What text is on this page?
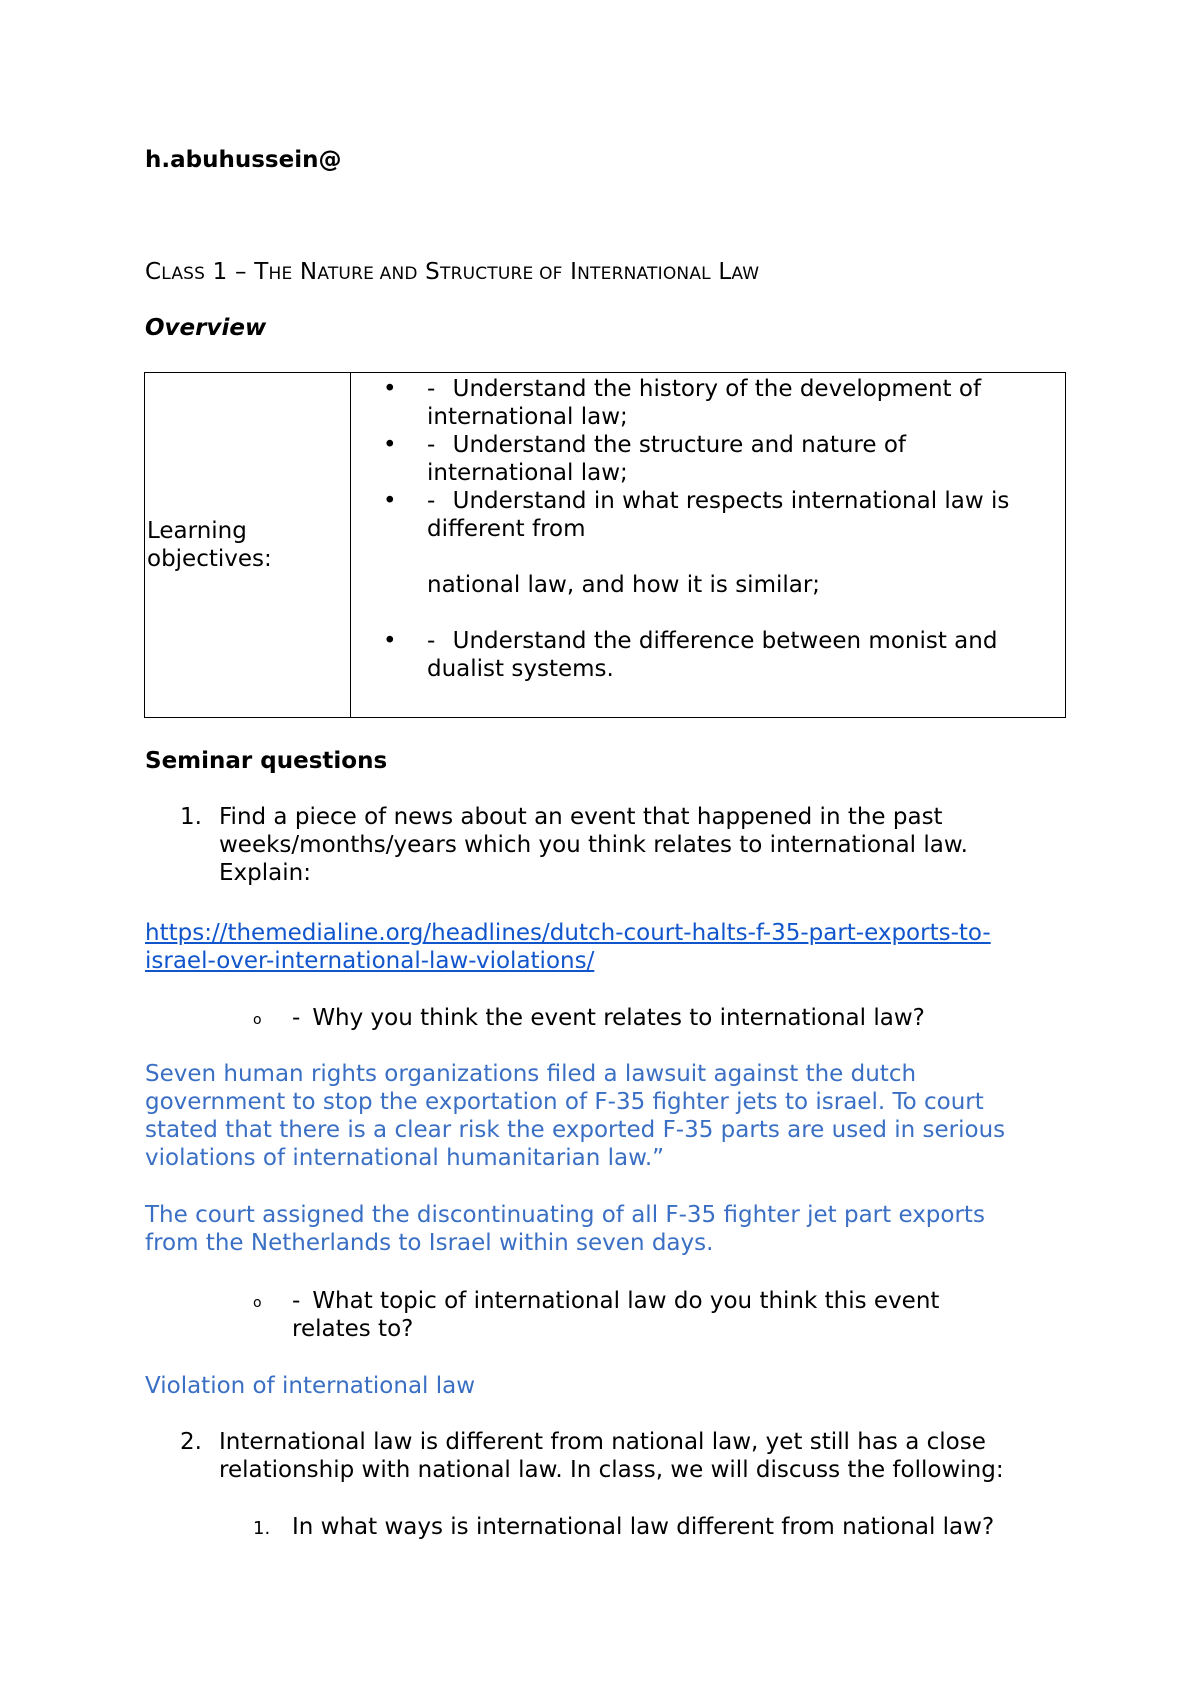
h.abuhussein@
CLASS 1 – THE NATURE AND STRUCTURE OF INTERNATIONAL LAW
Overview
Learning
objectives:

• - Understand the history of the development of
international law;
• - Understand the structure and nature of
international law;
• - Understand in what respects international law is
different from
national law, and how it is similar;
• - Understand the difference between monist and
dualist systems.
Seminar questions
1. Find a piece of news about an event that happened in the past
weeks/months/years which you think relates to international law.
Explain:
https://themedialine.org/headlines/dutch-court-halts-f-35-part-exports-to-
israel-over-international-law-violations/
o	- Why you think the event relates to international law?
Seven human rights organizations filed a lawsuit against the dutch
government to stop the exportation of F-35 fighter jets to israel. To court
stated that there is a clear risk the exported F-35 parts are used in serious
violations of international humanitarian law.”
The court assigned the discontinuating of all F-35 fighter jet part exports
from the Netherlands to Israel within seven days.
o - What topic of international law do you think this event
relates to?
Violation of international law
2. International law is different from national law, yet still has a close
relationship with national law. In class, we will discuss the following:
1. In what ways is international law different from national law?
